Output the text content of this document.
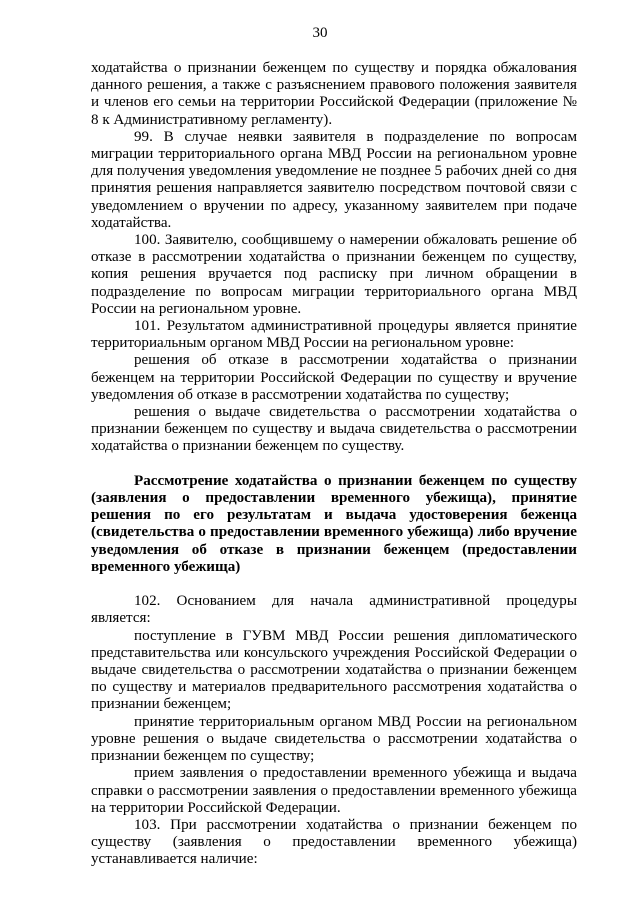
30

ходатайства о признании беженцем по существу и порядка обжалования данного решения, а также с разъяснением правового положения заявителя и членов его семьи на территории Российской Федерации (приложение № 8 к Административному регламенту).

99. В случае неявки заявителя в подразделение по вопросам миграции территориального органа МВД России на региональном уровне для получения уведомления уведомление не позднее 5 рабочих дней со дня принятия решения направляется заявителю посредством почтовой связи с уведомлением о вручении по адресу, указанному заявителем при подаче ходатайства.

100. Заявителю, сообщившему о намерении обжаловать решение об отказе в рассмотрении ходатайства о признании беженцем по существу, копия решения вручается под расписку при личном обращении в подразделение по вопросам миграции территориального органа МВД России на региональном уровне.

101. Результатом административной процедуры является принятие территориальным органом МВД России на региональном уровне:

решения об отказе в рассмотрении ходатайства о признании беженцем на территории Российской Федерации по существу и вручение уведомления об отказе в рассмотрении ходатайства по существу;

решения о выдаче свидетельства о рассмотрении ходатайства о признании беженцем по существу и выдача свидетельства о рассмотрении ходатайства о признании беженцем по существу.

Рассмотрение ходатайства о признании беженцем по существу (заявления о предоставлении временного убежища), принятие решения по его результатам и выдача удостоверения беженца (свидетельства о предоставлении временного убежища) либо вручение уведомления об отказе в признании беженцем (предоставлении временного убежища)

102. Основанием для начала административной процедуры является:

поступление в ГУВМ МВД России решения дипломатического представительства или консульского учреждения Российской Федерации о выдаче свидетельства о рассмотрении ходатайства о признании беженцем по существу и материалов предварительного рассмотрения ходатайства о признании беженцем;

принятие территориальным органом МВД России на региональном уровне решения о выдаче свидетельства о рассмотрении ходатайства о признании беженцем по существу;

прием заявления о предоставлении временного убежища и выдача справки о рассмотрении заявления о предоставлении временного убежища на территории Российской Федерации.

103. При рассмотрении ходатайства о признании беженцем по существу (заявления о предоставлении временного убежища) устанавливается наличие:
